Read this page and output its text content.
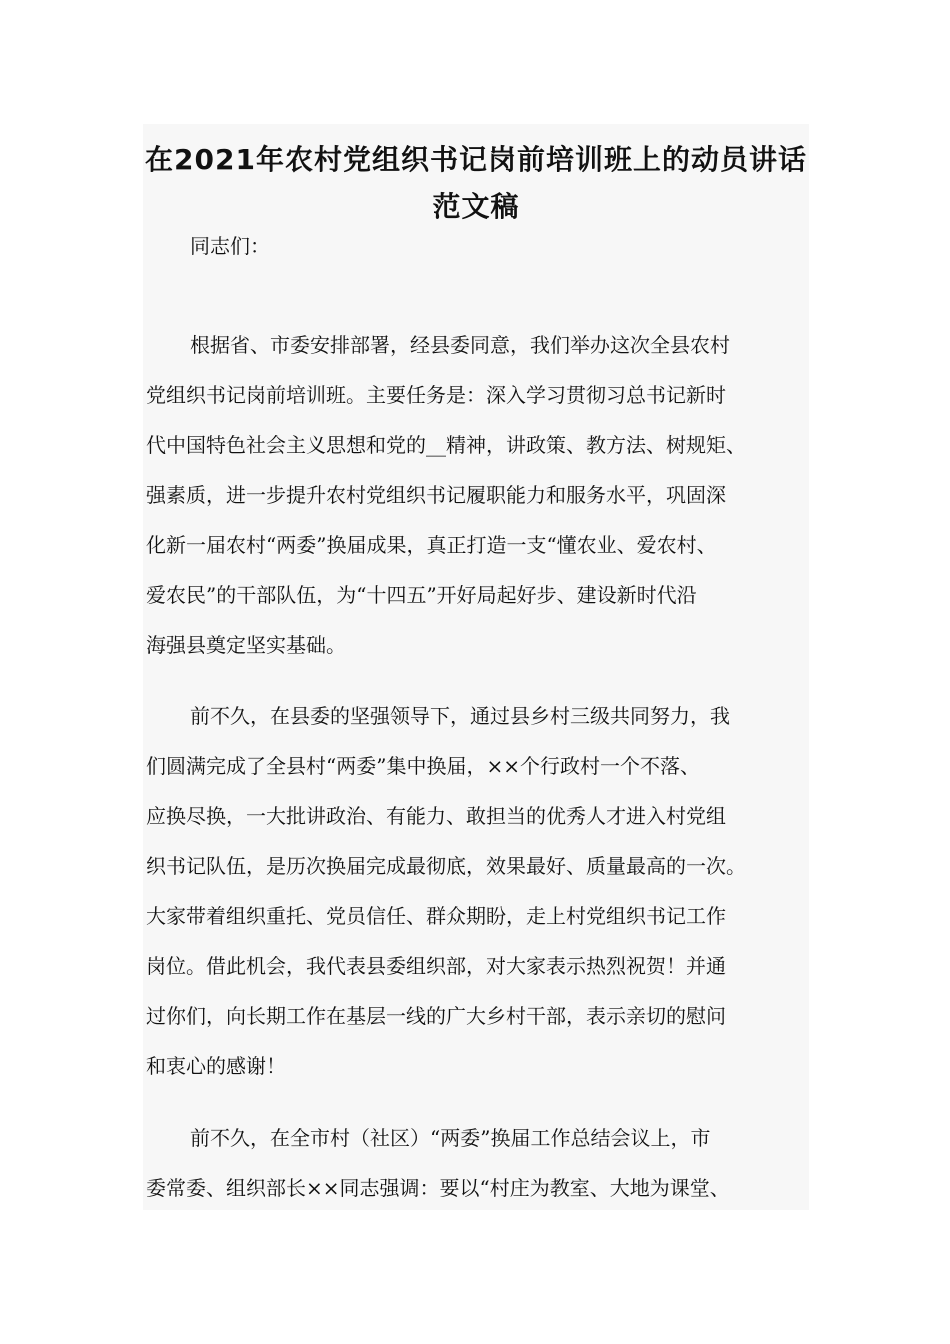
在2021年农村党组织书记岗前培训班上的动员讲话
范文稿

同志们：

根据省、市委安排部署，经县委同意，我们举办这次全县农村

党组织书记岗前培训班。主要任务是：深入学习贯彻习总书记新时

代中国特色社会主义思想和党的__精神，讲政策、教方法、树规矩、

强素质，进一步提升农村党组织书记履职能力和服务水平，巩固深

化新一届农村“两委”换届成果，真正打造一支“懂农业、爱农村、

爱农民”的干部队伍，为“十四五”开好局起好步、建设新时代沿

海强县奠定坚实基础。

前不久，在县委的坚强领导下，通过县乡村三级共同努力，我

们圆满完成了全县村“两委”集中换届，××个行政村一个不落、

应换尽换，一大批讲政治、有能力、敢担当的优秀人才进入村党组

织书记队伍，是历次换届完成最彻底，效果最好、质量最高的一次。

大家带着组织重托、党员信任、群众期盼，走上村党组织书记工作

岗位。借此机会，我代表县委组织部，对大家表示热烈祝贺！并通

过你们，向长期工作在基层一线的广大乡村干部，表示亲切的慰问

和衷心的感谢！

前不久，在全市村（社区）“两委”换届工作总结会议上，市

委常委、组织部长××同志强调：要以“村庄为教室、大地为课堂、
